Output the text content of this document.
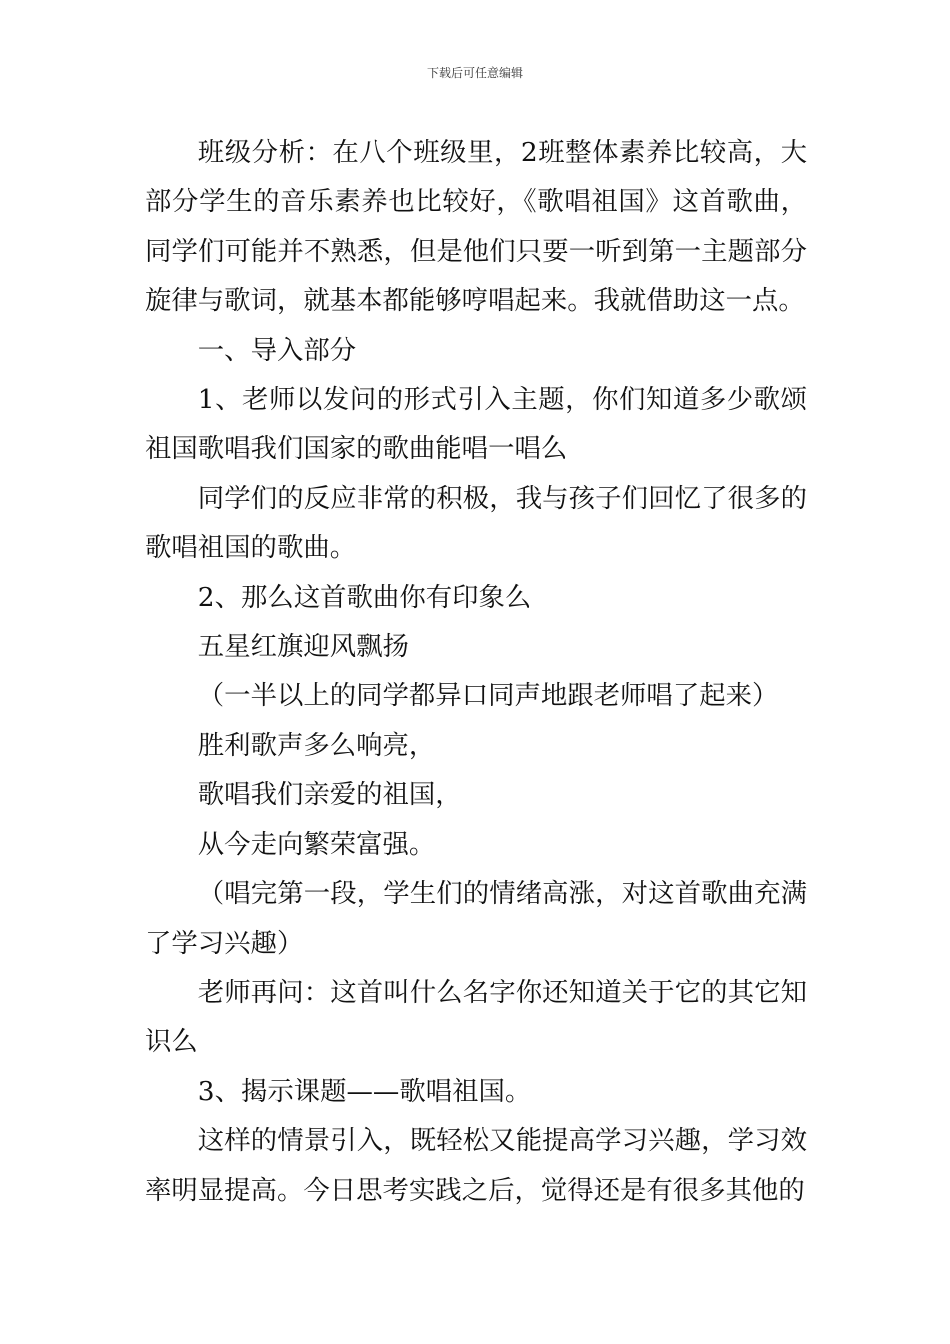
下载后可任意编辑

班级分析：在八个班级里，2班整体素养比较高，大部分学生的音乐素养也比较好，《歌唱祖国》这首歌曲，同学们可能并不熟悉，但是他们只要一听到第一主题部分旋律与歌词，就基本都能够哼唱起来。我就借助这一点。

一、导入部分

1、老师以发问的形式引入主题，你们知道多少歌颂祖国歌唱我们国家的歌曲能唱一唱么

同学们的反应非常的积极，我与孩子们回忆了很多的歌唱祖国的歌曲。

2、那么这首歌曲你有印象么

五星红旗迎风飘扬

（一半以上的同学都异口同声地跟老师唱了起来）

胜利歌声多么响亮，

歌唱我们亲爱的祖国，

从今走向繁荣富强。

（唱完第一段，学生们的情绪高涨，对这首歌曲充满了学习兴趣）

老师再问：这首叫什么名字你还知道关于它的其它知识么

3、揭示课题——歌唱祖国。

这样的情景引入，既轻松又能提高学习兴趣，学习效率明显提高。今日思考实践之后，觉得还是有很多其他的
